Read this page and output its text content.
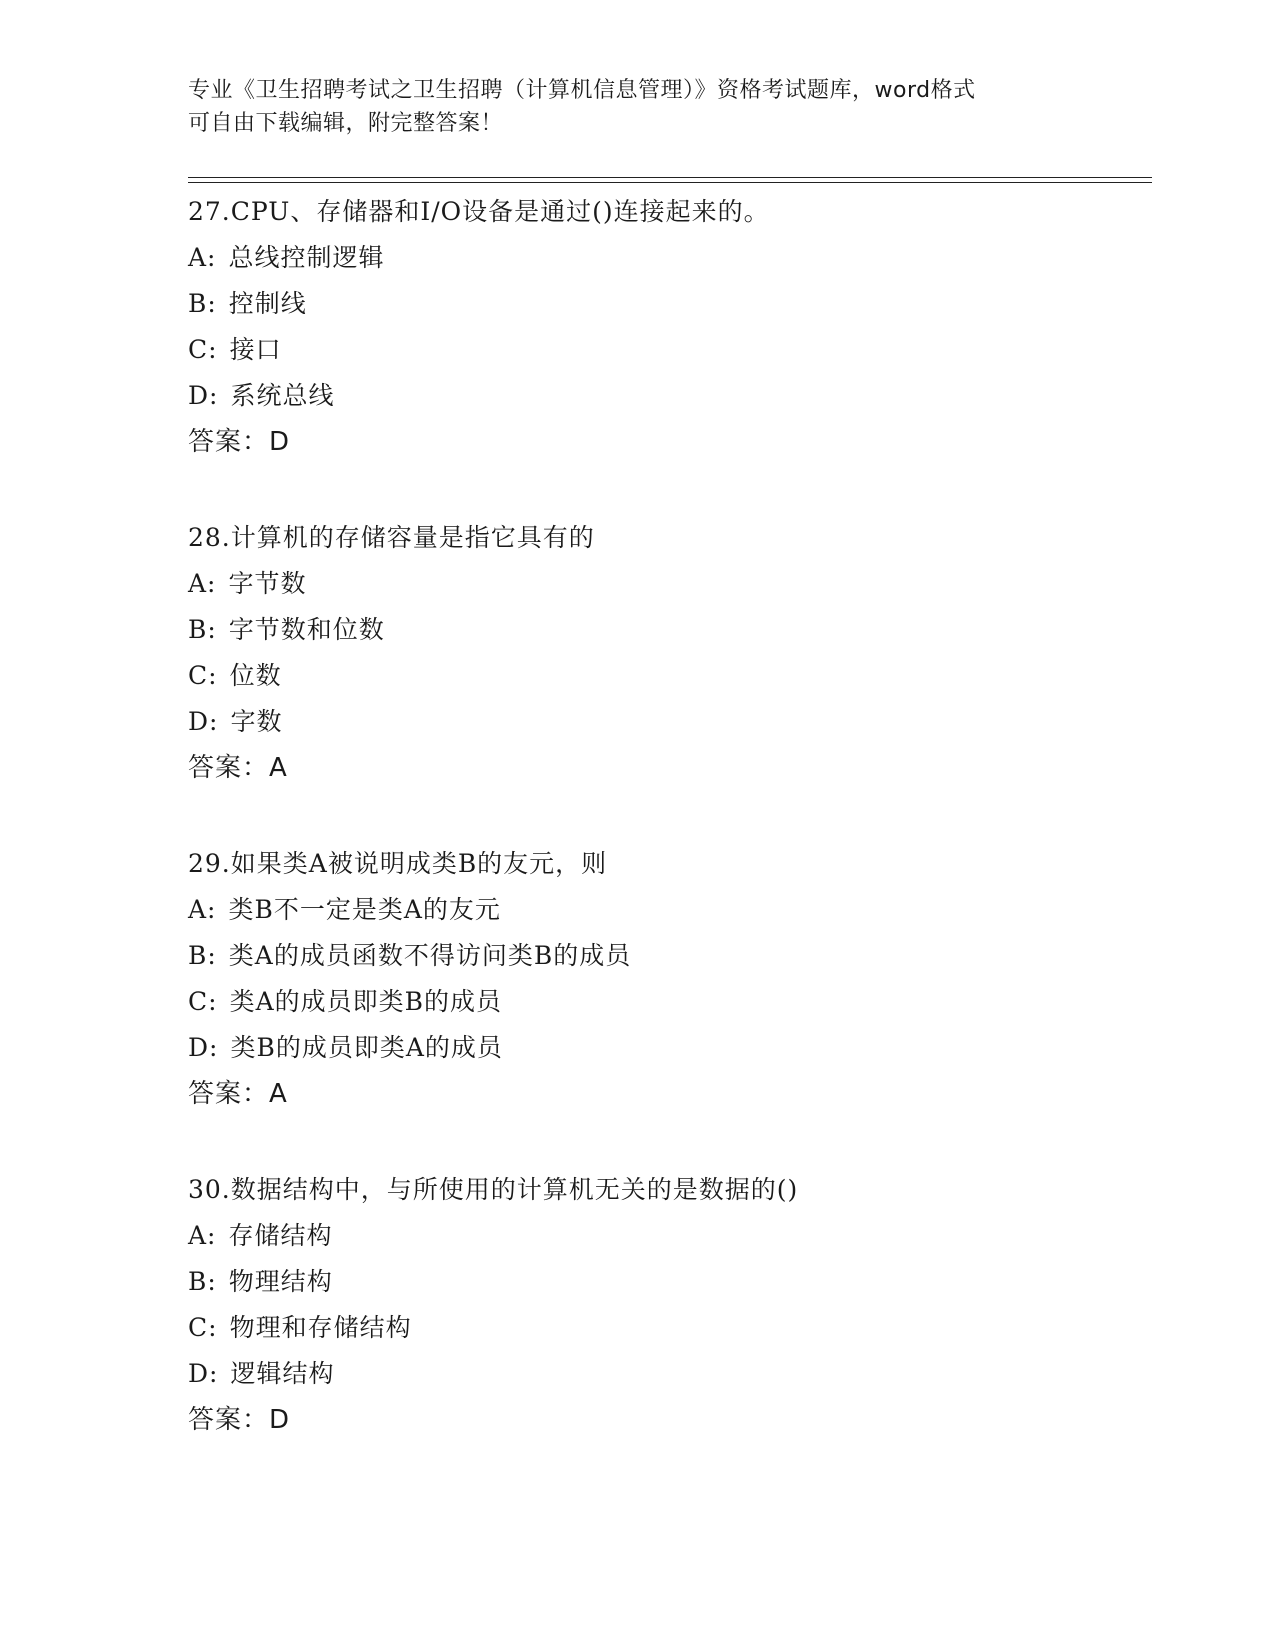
专业《卫生招聘考试之卫生招聘（计算机信息管理）》资格考试题库，word格式
可自由下载编辑，附完整答案！
27.CPU、存储器和I/O设备是通过()连接起来的。
A: 总线控制逻辑
B: 控制线
C: 接口
D: 系统总线
答案：D
28.计算机的存储容量是指它具有的
A: 字节数
B: 字节数和位数
C: 位数
D: 字数
答案：A
29.如果类A被说明成类B的友元，则
A: 类B不一定是类A的友元
B: 类A的成员函数不得访问类B的成员
C: 类A的成员即类B的成员
D: 类B的成员即类A的成员
答案：A
30.数据结构中，与所使用的计算机无关的是数据的()
A: 存储结构
B: 物理结构
C: 物理和存储结构
D: 逻辑结构
答案：D
